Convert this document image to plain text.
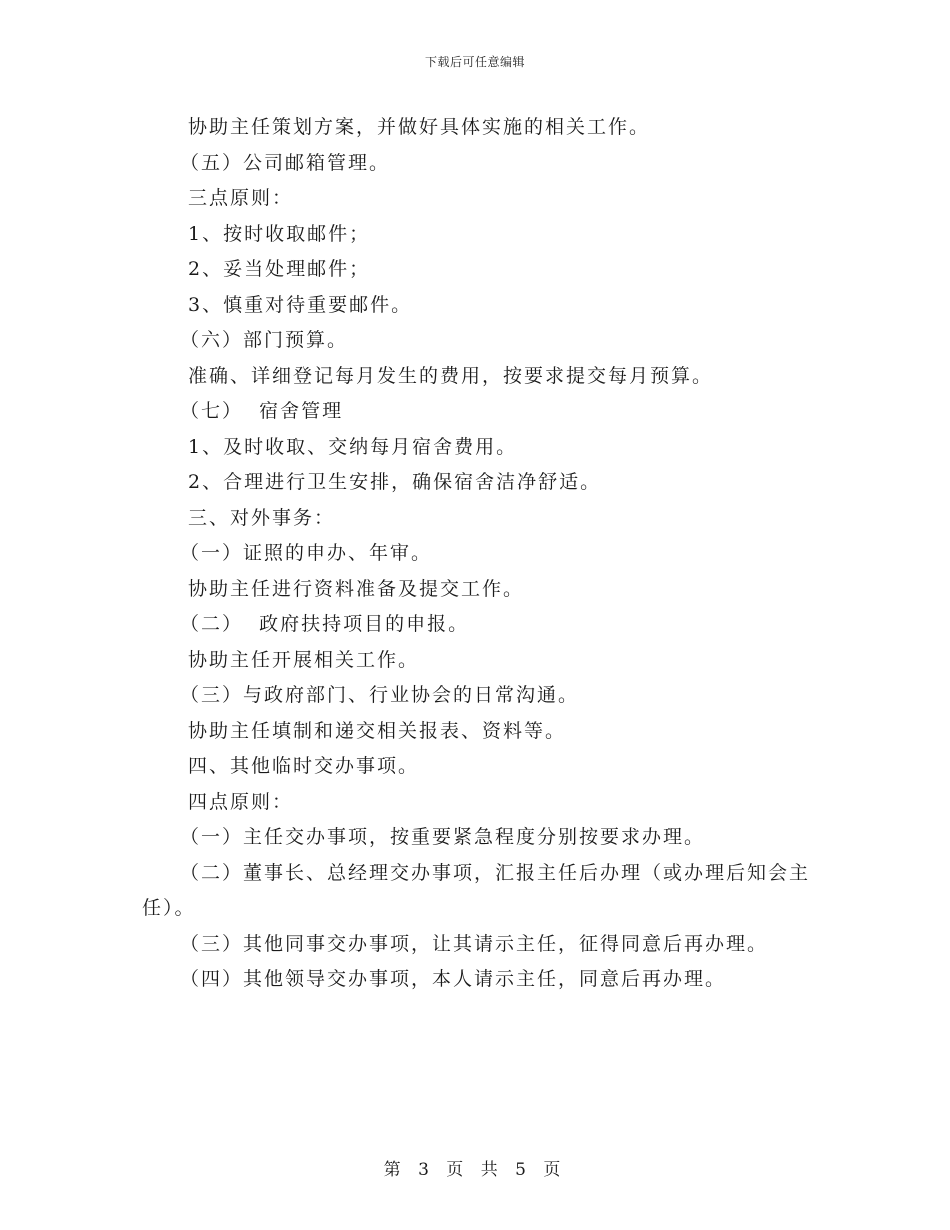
下载后可任意编辑
协助主任策划方案，并做好具体实施的相关工作。
（五）公司邮箱管理。
三点原则：
1、按时收取邮件；
2、妥当处理邮件；
3、慎重对待重要邮件。
（六）部门预算。
准确、详细登记每月发生的费用，按要求提交每月预算。
（七）  宿舍管理
1、及时收取、交纳每月宿舍费用。
2、合理进行卫生安排，确保宿舍洁净舒适。
三、对外事务：
（一）证照的申办、年审。
协助主任进行资料准备及提交工作。
（二）  政府扶持项目的申报。
协助主任开展相关工作。
（三）与政府部门、行业协会的日常沟通。
协助主任填制和递交相关报表、资料等。
四、其他临时交办事项。
四点原则：
（一）主任交办事项，按重要紧急程度分别按要求办理。
（二）董事长、总经理交办事项，汇报主任后办理（或办理后知会主任）。
（三）其他同事交办事项，让其请示主任，征得同意后再办理。
（四）其他领导交办事项，本人请示主任，同意后再办理。
第 3 页 共 5 页
